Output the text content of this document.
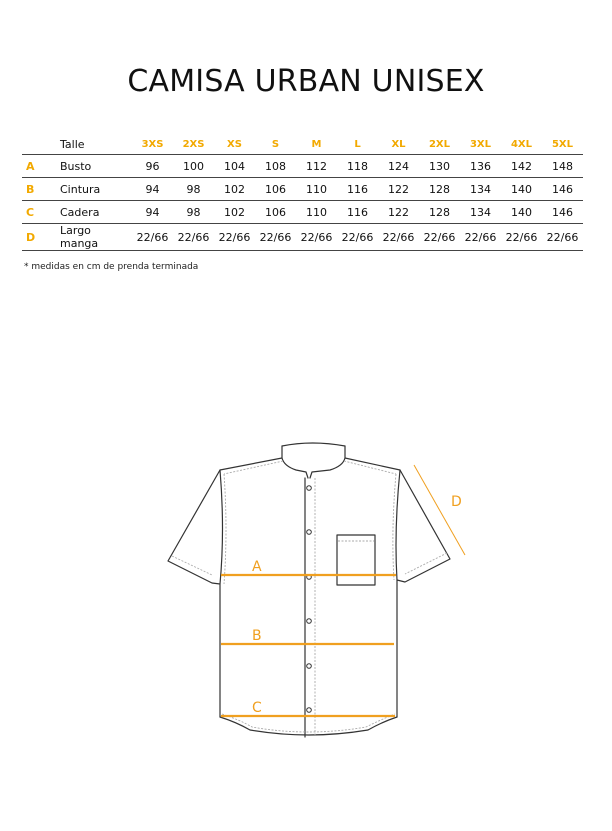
CAMISA URBAN UNISEX
	Talle	3XS	2XS	XS	S	M	L	XL	2XL	3XL	4XL	5XL
A	Busto	96	100	104	108	112	118	124	130	136	142	148
B	Cintura	94	98	102	106	110	116	122	128	134	140	146
C	Cadera	94	98	102	106	110	116	122	128	134	140	146
D	Largo manga	22/66	22/66	22/66	22/66	22/66	22/66	22/66	22/66	22/66	22/66	22/66
* medidas en cm de prenda terminada
A
B
C
D
